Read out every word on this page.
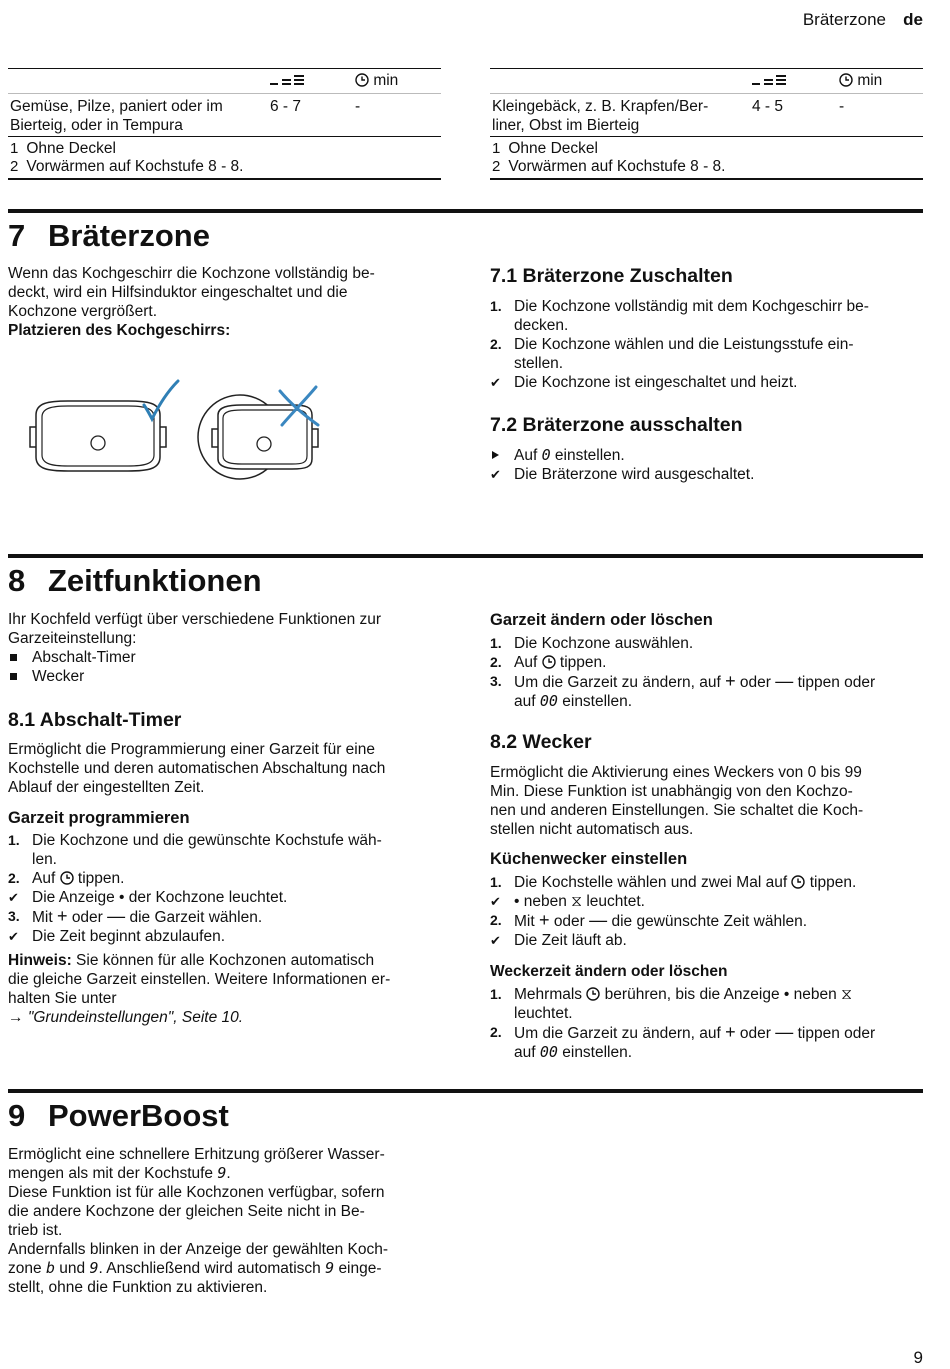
Bräterzone de
min
Gemüse, Pilze, paniert oder im Bierteig, oder in Tempura
6 - 7	-
1 Ohne Deckel
2 Vorwärmen auf Kochstufe 8 - 8.
min
Kleingebäck, z. B. Krapfen/Ber-
liner, Obst im Bierteig
4 - 5	-
1 Ohne Deckel
2 Vorwärmen auf Kochstufe 8 - 8.
7 Bräterzone
Wenn das Kochgeschirr die Kochzone vollständig be-
deckt, wird ein Hilfsinduktor eingeschaltet und die
Kochzone vergrößert.
Platzieren des Kochgeschirrs:
7.1 Bräterzone Zuschalten
1. Die Kochzone vollständig mit dem Kochgeschirr be-
decken.
2. Die Kochzone wählen und die Leistungsstufe ein-
stellen.
✔ Die Kochzone ist eingeschaltet und heizt.
7.2 Bräterzone ausschalten
Auf 0 einstellen.
✔ Die Bräterzone wird ausgeschaltet.
8 Zeitfunktionen
Ihr Kochfeld verfügt über verschiedene Funktionen zur
Garzeiteinstellung:
Abschalt-Timer
Wecker
8.1 Abschalt-Timer
Ermöglicht die Programmierung einer Garzeit für eine
Kochstelle und deren automatischen Abschaltung nach
Ablauf der eingestellten Zeit.
Garzeit programmieren
1. Die Kochzone und die gewünschte Kochstufe wäh-
len.
2. Auf tippen.
✔ Die Anzeige • der Kochzone leuchtet.
3. Mit + oder — die Garzeit wählen.
✔ Die Zeit beginnt abzulaufen.
Hinweis: Sie können für alle Kochzonen automatisch
die gleiche Garzeit einstellen. Weitere Informationen er-
halten Sie unter
→ "Grundeinstellungen", Seite 10.
Garzeit ändern oder löschen
1. Die Kochzone auswählen.
2. Auf tippen.
3. Um die Garzeit zu ändern, auf + oder — tippen oder
auf 00 einstellen.
8.2 Wecker
Ermöglicht die Aktivierung eines Weckers von 0 bis 99
Min. Diese Funktion ist unabhängig von den Kochzo-
nen und anderen Einstellungen. Sie schaltet die Koch-
stellen nicht automatisch aus.
Küchenwecker einstellen
1. Die Kochstelle wählen und zwei Mal auf tippen.
✔ • neben ⧖ leuchtet.
2. Mit + oder — die gewünschte Zeit wählen.
✔ Die Zeit läuft ab.
Weckerzeit ändern oder löschen
1. Mehrmals berühren, bis die Anzeige • neben ⧖
leuchtet.
2. Um die Garzeit zu ändern, auf + oder — tippen oder
auf 00 einstellen.
9 PowerBoost
Ermöglicht eine schnellere Erhitzung größerer Wasser-
mengen als mit der Kochstufe 9.
Diese Funktion ist für alle Kochzonen verfügbar, sofern
die andere Kochzone der gleichen Seite nicht in Be-
trieb ist.
Andernfalls blinken in der Anzeige der gewählten Koch-
zone b und 9. Anschließend wird automatisch 9 einge-
stellt, ohne die Funktion zu aktivieren.
9
